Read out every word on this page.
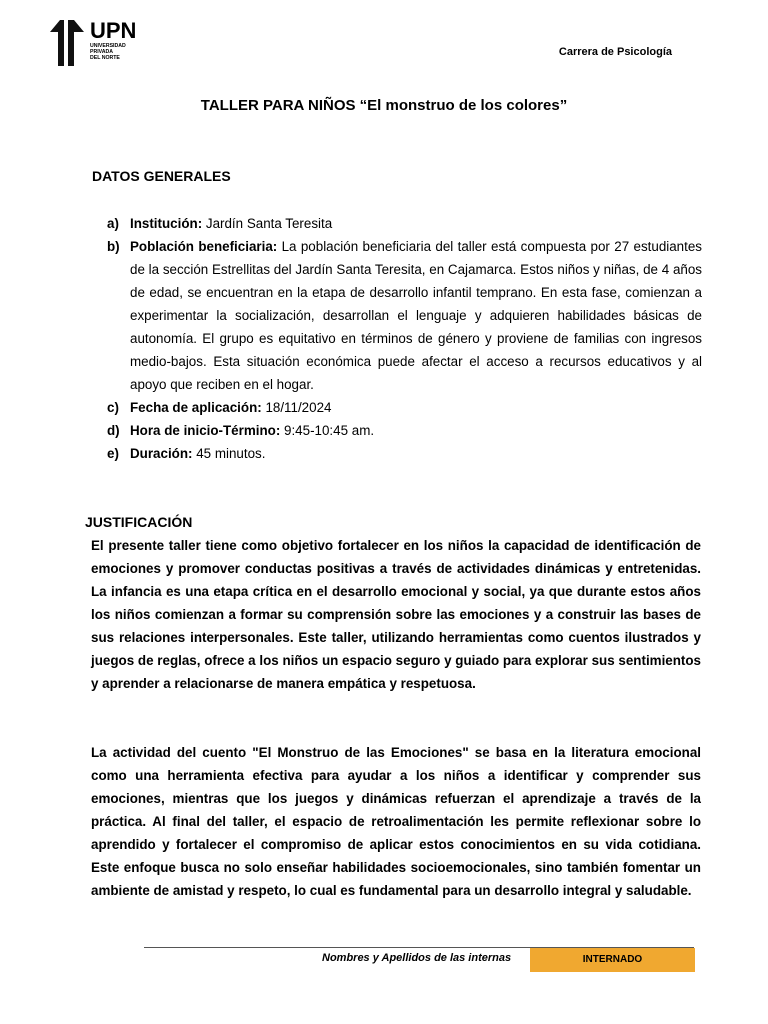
UPN
UNIVERSIDAD
PRIVADA
DEL NORTE	Carrera de Psicología
TALLER PARA NIÑOS “El monstruo de los colores”
DATOS GENERALES
a) Institución: Jardín Santa Teresita
b) Población beneficiaria: La población beneficiaria del taller está compuesta por 27 estudiantes de la sección Estrellitas del Jardín Santa Teresita, en Cajamarca. Estos niños y niñas, de 4 años de edad, se encuentran en la etapa de desarrollo infantil temprano. En esta fase, comienzan a experimentar la socialización, desarrollan el lenguaje y adquieren habilidades básicas de autonomía. El grupo es equitativo en términos de género y proviene de familias con ingresos medio-bajos. Esta situación económica puede afectar el acceso a recursos educativos y al apoyo que reciben en el hogar.
c) Fecha de aplicación: 18/11/2024
d) Hora de inicio-Término: 9:45-10:45 am.
e) Duración: 45 minutos.
JUSTIFICACIÓN
El presente taller tiene como objetivo fortalecer en los niños la capacidad de identificación de emociones y promover conductas positivas a través de actividades dinámicas y entretenidas. La infancia es una etapa crítica en el desarrollo emocional y social, ya que durante estos años los niños comienzan a formar su comprensión sobre las emociones y a construir las bases de sus relaciones interpersonales. Este taller, utilizando herramientas como cuentos ilustrados y juegos de reglas, ofrece a los niños un espacio seguro y guiado para explorar sus sentimientos y aprender a relacionarse de manera empática y respetuosa.
La actividad del cuento "El Monstruo de las Emociones" se basa en la literatura emocional como una herramienta efectiva para ayudar a los niños a identificar y comprender sus emociones, mientras que los juegos y dinámicas refuerzan el aprendizaje a través de la práctica. Al final del taller, el espacio de retroalimentación les permite reflexionar sobre lo aprendido y fortalecer el compromiso de aplicar estos conocimientos en su vida cotidiana. Este enfoque busca no solo enseñar habilidades socioemocionales, sino también fomentar un ambiente de amistad y respeto, lo cual es fundamental para un desarrollo integral y saludable.
Nombres y Apellidos de las internas	INTERNADO
